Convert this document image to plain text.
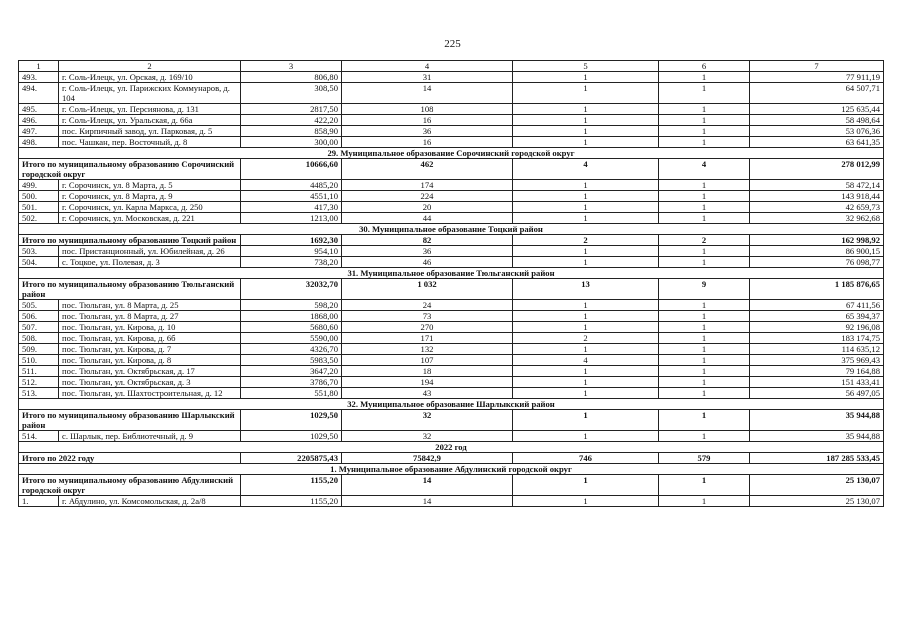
225
1	2	3	4	5	6	7
493.	г. Соль-Илецк, ул. Орская, д. 169/10	806,80	31	1	1	77 911,19
494.	г. Соль-Илецк, ул. Парижских Коммунаров, д. 104	308,50	14	1	1	64 507,71
495.	г. Соль-Илецк, ул. Персиянова, д. 131	2817,50	108	1	1	125 635,44
496.	г. Соль-Илецк, ул. Уральская, д. 66а	422,20	16	1	1	58 498,64
497.	пос. Кирпичный завод, ул. Парковая, д. 5	858,90	36	1	1	53 076,36
498.	пос. Чашкан, пер. Восточный, д. 8	300,00	16	1	1	63 641,35
29. Муниципальное образование Сорочинский городской округ						
Итого по муниципальному образованию Сорочинский городской округ		10666,60	462	4	4	278 012,99
499.	г. Сорочинск, ул. 8 Марта, д. 5	4485,20	174	1	1	58 472,14
500.	г. Сорочинск, ул. 8 Марта, д. 9	4551,10	224	1	1	143 918,44
501.	г. Сорочинск, ул. Карла Маркса, д. 250	417,30	20	1	1	42 659,73
502.	г. Сорочинск, ул. Московская, д. 221	1213,00	44	1	1	32 962,68
30. Муниципальное образование Тоцкий район						
Итого по муниципальному образованию Тоцкий район		1692,30	82	2	2	162 998,92
503.	пос. Пристанционный, ул. Юбилейная, д. 26	954,10	36	1	1	86 900,15
504.	с. Тоцкое, ул. Полевая, д. 3	738,20	46	1	1	76 098,77
31. Муниципальное образование Тюльганский район						
Итого по муниципальному образованию Тюльганский район		32032,70	1 032	13	9	1 185 876,65
505.	пос. Тюльган, ул. 8 Марта, д. 25	598,20	24	1	1	67 411,56
506.	пос. Тюльган, ул. 8 Марта, д. 27	1868,00	73	1	1	65 394,37
507.	пос. Тюльган, ул. Кирова, д. 10	5680,60	270	1	1	92 196,08
508.	пос. Тюльган, ул. Кирова, д. 6б	5590,00	171	2	1	183 174,75
509.	пос. Тюльган, ул. Кирова, д. 7	4326,70	132	1	1	114 635,12
510.	пос. Тюльган, ул. Кирова, д. 8	5983,50	107	4	1	375 969,43
511.	пос. Тюльган, ул. Октябрьская, д. 17	3647,20	18	1	1	79 164,88
512.	пос. Тюльган, ул. Октябрьская, д. 3	3786,70	194	1	1	151 433,41
513.	пос. Тюльган, ул. Шахтостроительная, д. 12	551,80	43	1	1	56 497,05
32. Муниципальное образование Шарлыкский район						
Итого по муниципальному образованию Шарлыкский район		1029,50	32	1	1	35 944,88
514.	с. Шарлык, пер. Библиотечный, д. 9	1029,50	32	1	1	35 944,88
2022 год						
Итого по 2022 году		2205875,43	75842,9	746	579	187 285 533,45
1. Муниципальное образование Абдулинский городской округ						
Итого по муниципальному образованию Абдулинский городской округ		1155,20	14	1	1	25 130,07
1.	г. Абдулино, ул. Комсомольская, д. 2а/8	1155,20	14	1	1	25 130,07
